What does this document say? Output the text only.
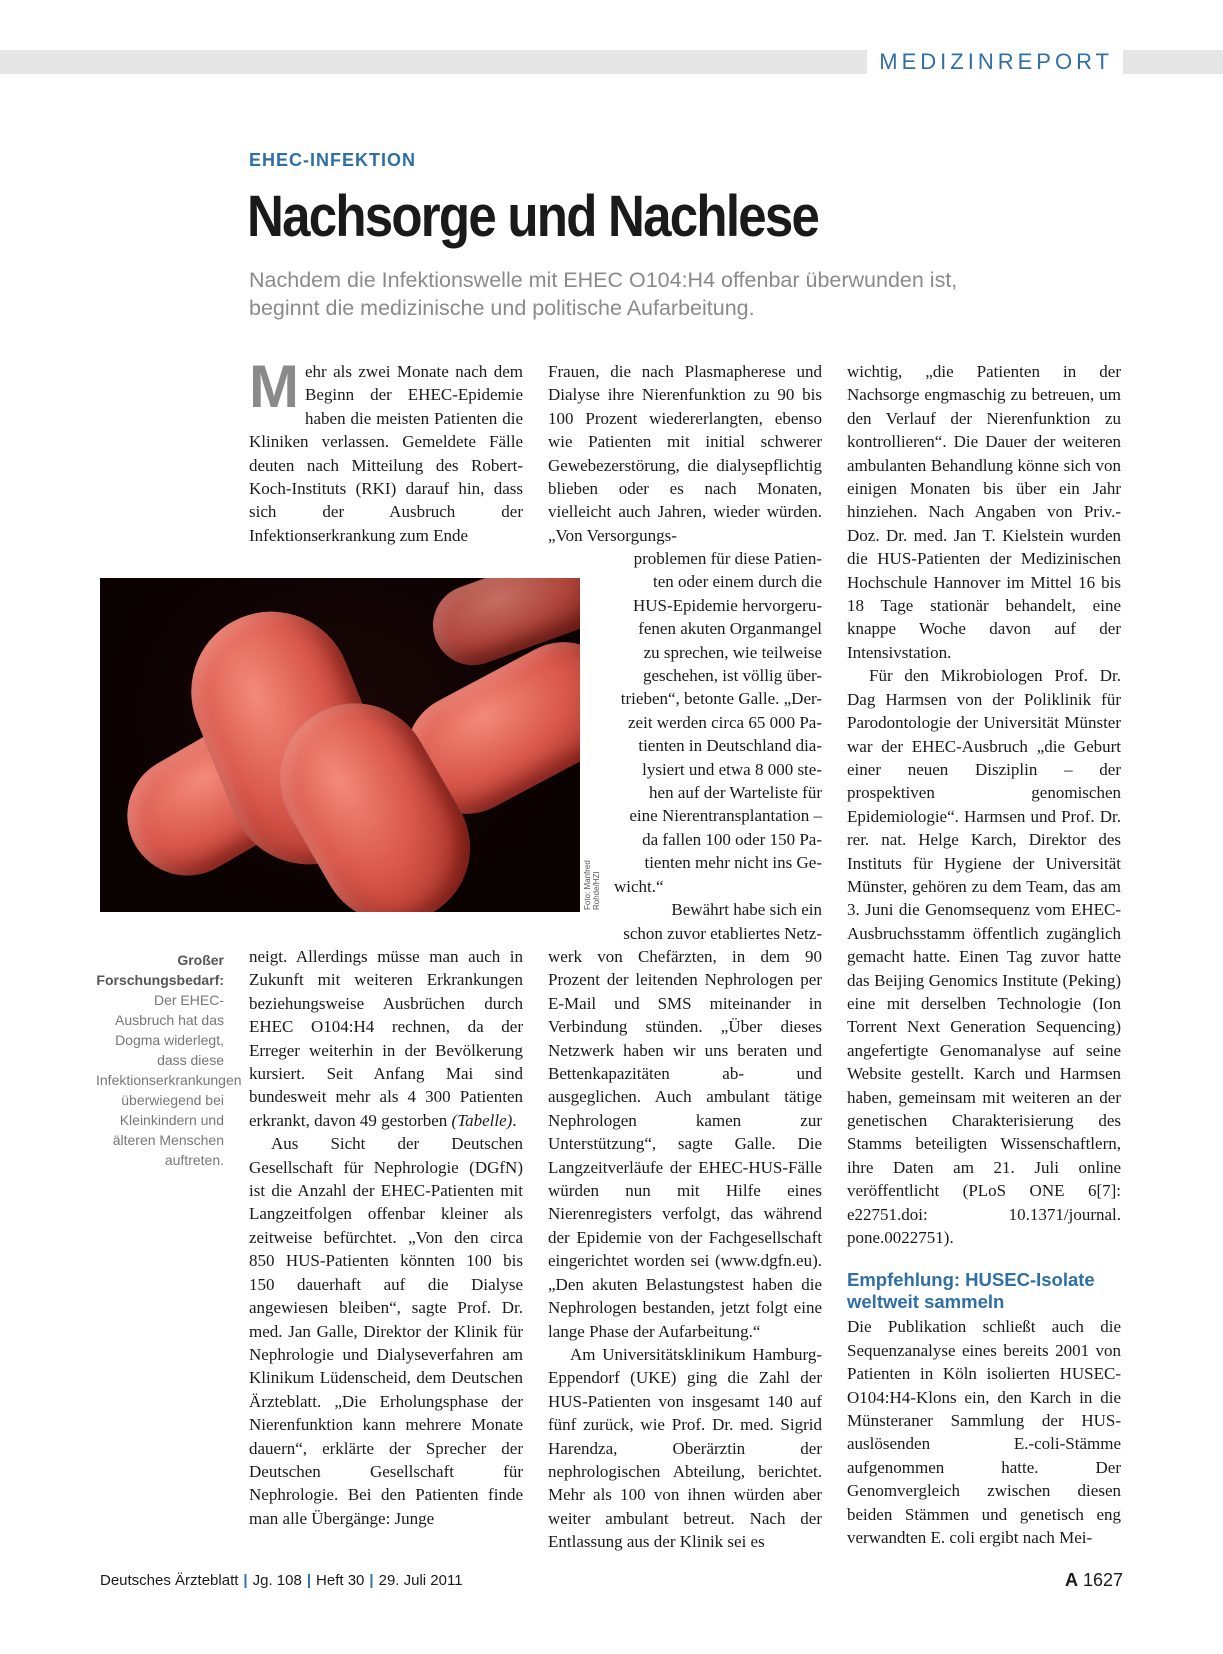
MEDIZINREPORT
EHEC-INFEKTION
Nachsorge und Nachlese
Nachdem die Infektionswelle mit EHEC O104:H4 offenbar überwunden ist,
beginnt die medizinische und politische Aufarbeitung.

Mehr als zwei Monate nach dem Beginn der EHEC-Epidemie haben die meisten Patienten die Kliniken verlassen. Gemeldete Fälle deuten nach Mitteilung des Robert-Koch-Instituts (RKI) darauf hin, dass sich der Ausbruch der Infektionserkrankung zum Ende

Foto: Manfred Rohde/HZI
Großer Forschungsbedarf: Der EHEC-Ausbruch hat das Dogma widerlegt, dass diese Infektionserkrankungen überwiegend bei Kleinkindern und älteren Menschen auftreten.

neigt. Allerdings müsse man auch in Zukunft mit weiteren Erkrankungen beziehungsweise Ausbrüchen durch EHEC O104:H4 rechnen, da der Erreger weiterhin in der Bevölkerung kursiert. Seit Anfang Mai sind bundesweit mehr als 4 300 Patienten erkrankt, davon 49 gestorben (Tabelle).

Aus Sicht der Deutschen Gesellschaft für Nephrologie (DGfN) ist die Anzahl der EHEC-Patienten mit Langzeitfolgen offenbar kleiner als zeitweise befürchtet. „Von den circa 850 HUS-Patienten könnten 100 bis 150 dauerhaft auf die Dialyse angewiesen bleiben“, sagte Prof. Dr. med. Jan Galle, Direktor der Klinik für Nephrologie und Dialyseverfahren am Klinikum Lüdenscheid, dem Deutschen Ärzteblatt. „Die Erholungsphase der Nierenfunktion kann mehrere Monate dauern“, erklärte der Sprecher der Deutschen Gesellschaft für Nephrologie. Bei den Patienten finde man alle Übergänge: Junge

Frauen, die nach Plasmapherese und Dialyse ihre Nierenfunktion zu 90 bis 100 Prozent wiedererlangten, ebenso wie Patienten mit initial schwerer Gewebezerstörung, die dialysepflichtig blieben oder es nach Monaten, vielleicht auch Jahren, wieder würden. „Von Versorgungs-

problemen für diese Patien-
ten oder einem durch die
HUS-Epidemie hervorgeru-
fenen akuten Organmangel
zu sprechen, wie teilweise
geschehen, ist völlig über-
trieben“, betonte Galle. „Der-
zeit werden circa 65 000 Pa-
tienten in Deutschland dia-
lysiert und etwa 8 000 ste-
hen auf der Warteliste für
eine Nierentransplantation –
da fallen 100 oder 150 Pa-
tienten mehr nicht ins Ge-
wicht.“
Bewährt habe sich ein
schon zuvor etabliertes Netz-

werk von Chefärzten, in dem 90 Prozent der leitenden Nephrologen per E-Mail und SMS miteinander in Verbindung stünden. „Über dieses Netzwerk haben wir uns beraten und Bettenkapazitäten ab- und ausgeglichen. Auch ambulant tätige Nephrologen kamen zur Unterstützung“, sagte Galle. Die Langzeitverläufe der EHEC-HUS-Fälle würden nun mit Hilfe eines Nierenregisters verfolgt, das während der Epidemie von der Fachgesellschaft eingerichtet worden sei (www.dgfn.eu). „Den akuten Belastungstest haben die Nephrologen bestanden, jetzt folgt eine lange Phase der Aufarbeitung.“

Am Universitätsklinikum Hamburg-Eppendorf (UKE) ging die Zahl der HUS-Patienten von insgesamt 140 auf fünf zurück, wie Prof. Dr. med. Sigrid Harendza, Oberärztin der nephrologischen Abteilung, berichtet. Mehr als 100 von ihnen würden aber weiter ambulant betreut. Nach der Entlassung aus der Klinik sei es

wichtig, „die Patienten in der Nachsorge engmaschig zu betreuen, um den Verlauf der Nierenfunktion zu kontrollieren“. Die Dauer der weiteren ambulanten Behandlung könne sich von einigen Monaten bis über ein Jahr hinziehen. Nach Angaben von Priv.-Doz. Dr. med. Jan T. Kielstein wurden die HUS-Patienten der Medizinischen Hochschule Hannover im Mittel 16 bis 18 Tage stationär behandelt, eine knappe Woche davon auf der Intensivstation.

Für den Mikrobiologen Prof. Dr. Dag Harmsen von der Poliklinik für Parodontologie der Universität Münster war der EHEC-Ausbruch „die Geburt einer neuen Disziplin – der prospektiven genomischen Epidemiologie“. Harmsen und Prof. Dr. rer. nat. Helge Karch, Direktor des Instituts für Hygiene der Universität Münster, gehören zu dem Team, das am 3. Juni die Genomsequenz vom EHEC-Ausbruchsstamm öffentlich zugänglich gemacht hatte. Einen Tag zuvor hatte das Beijing Genomics Institute (Peking) eine mit derselben Technologie (Ion Torrent Next Generation Sequencing) angefertigte Genomanalyse auf seine Website gestellt. Karch und Harmsen haben, gemeinsam mit weiteren an der genetischen Charakterisierung des Stamms beteiligten Wissenschaftlern, ihre Daten am 21. Juli online veröffentlicht (PLoS ONE 6[7]: e22751.doi: 10.1371/journal. pone.0022751).

Empfehlung: HUSEC-Isolate weltweit sammeln

Die Publikation schließt auch die Sequenzanalyse eines bereits 2001 von Patienten in Köln isolierten HUSEC-O104:H4-Klons ein, den Karch in die Münsteraner Sammlung der HUS-auslösenden E.-coli-Stämme aufgenommen hatte. Der Genomvergleich zwischen diesen beiden Stämmen und genetisch eng verwandten E. coli ergibt nach Mei-

Deutsches Ärzteblatt | Jg. 108 | Heft 30 | 29. Juli 2011	A 1627
